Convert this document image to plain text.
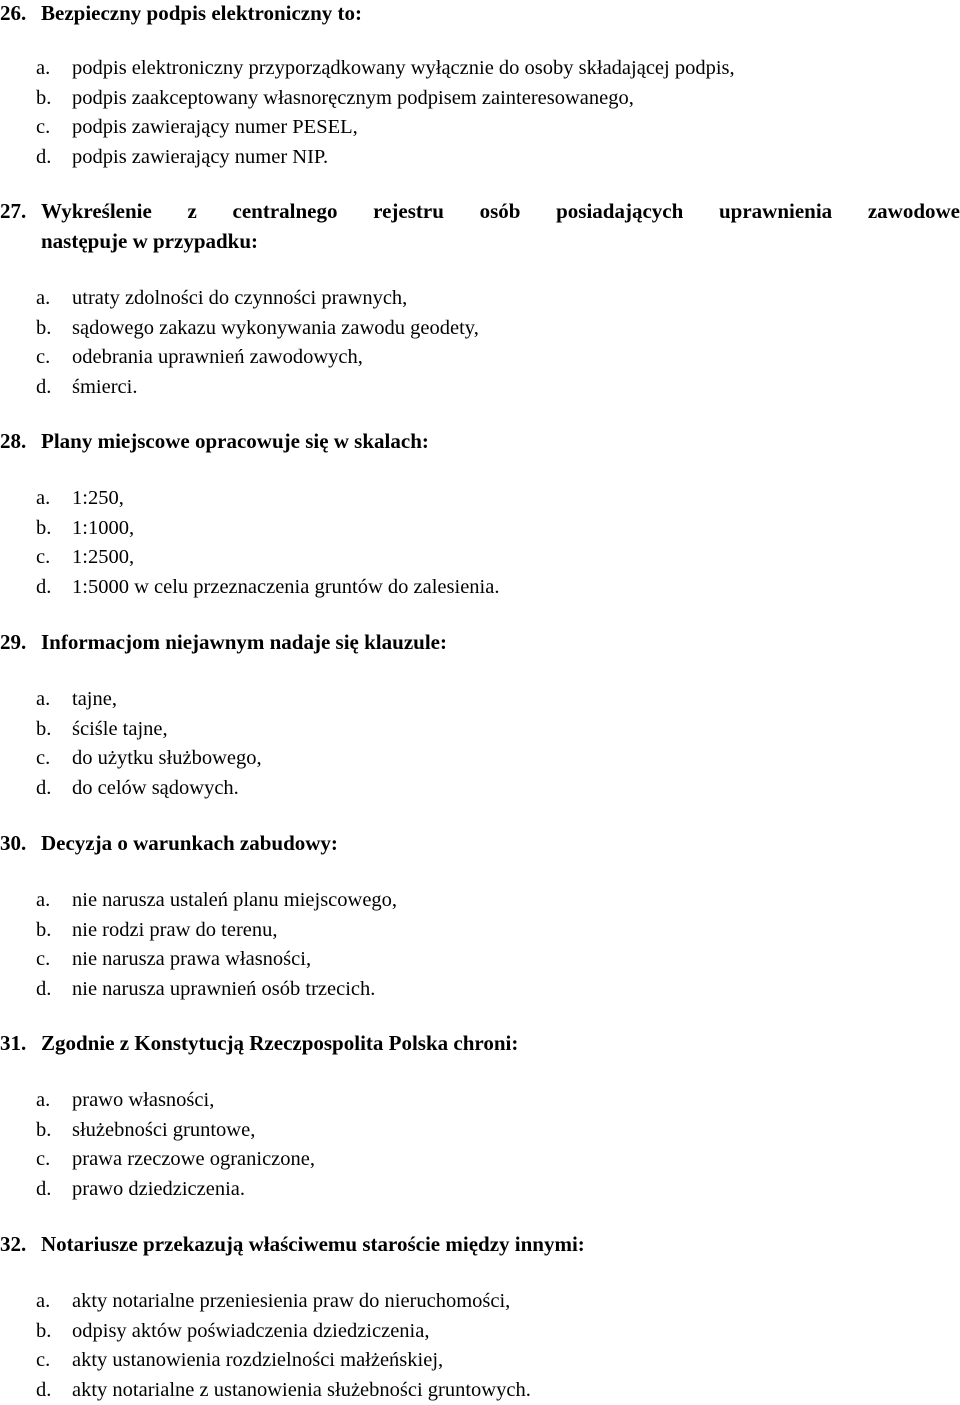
26. Bezpieczny podpis elektroniczny to:
a.	podpis elektroniczny przyporządkowany wyłącznie do osoby składającej podpis,
b.	podpis zaakceptowany własnoręcznym podpisem zainteresowanego,
c.	podpis zawierający numer PESEL,
d.	podpis zawierający numer NIP.
27. Wykreślenie z centralnego rejestru osób posiadających uprawnienia zawodowe
następuje w przypadku:
a.	utraty zdolności do czynności prawnych,
b.	sądowego zakazu wykonywania zawodu geodety,
c.	odebrania uprawnień zawodowych,
d.	śmierci.
28. Plany miejscowe opracowuje się w skalach:
a.	1:250,
b.	1:1000,
c.	1:2500,
d.	1:5000 w celu przeznaczenia gruntów do zalesienia.
29. Informacjom niejawnym nadaje się klauzule:
a.	tajne,
b.	ściśle tajne,
c.	do użytku służbowego,
d.	do celów sądowych.
30. Decyzja o warunkach zabudowy:
a.	nie narusza ustaleń planu miejscowego,
b.	nie rodzi praw do terenu,
c.	nie narusza prawa własności,
d.	nie narusza uprawnień osób trzecich.
31. Zgodnie z Konstytucją Rzeczpospolita Polska chroni:
a.	prawo własności,
b.	służebności gruntowe,
c.	prawa rzeczowe ograniczone,
d.	prawo dziedziczenia.
32. Notariusze przekazują właściwemu staroście między innymi:
a.	akty notarialne przeniesienia praw do nieruchomości,
b.	odpisy aktów poświadczenia dziedziczenia,
c.	akty ustanowienia rozdzielności małżeńskiej,
d.	akty notarialne z ustanowienia służebności gruntowych.
